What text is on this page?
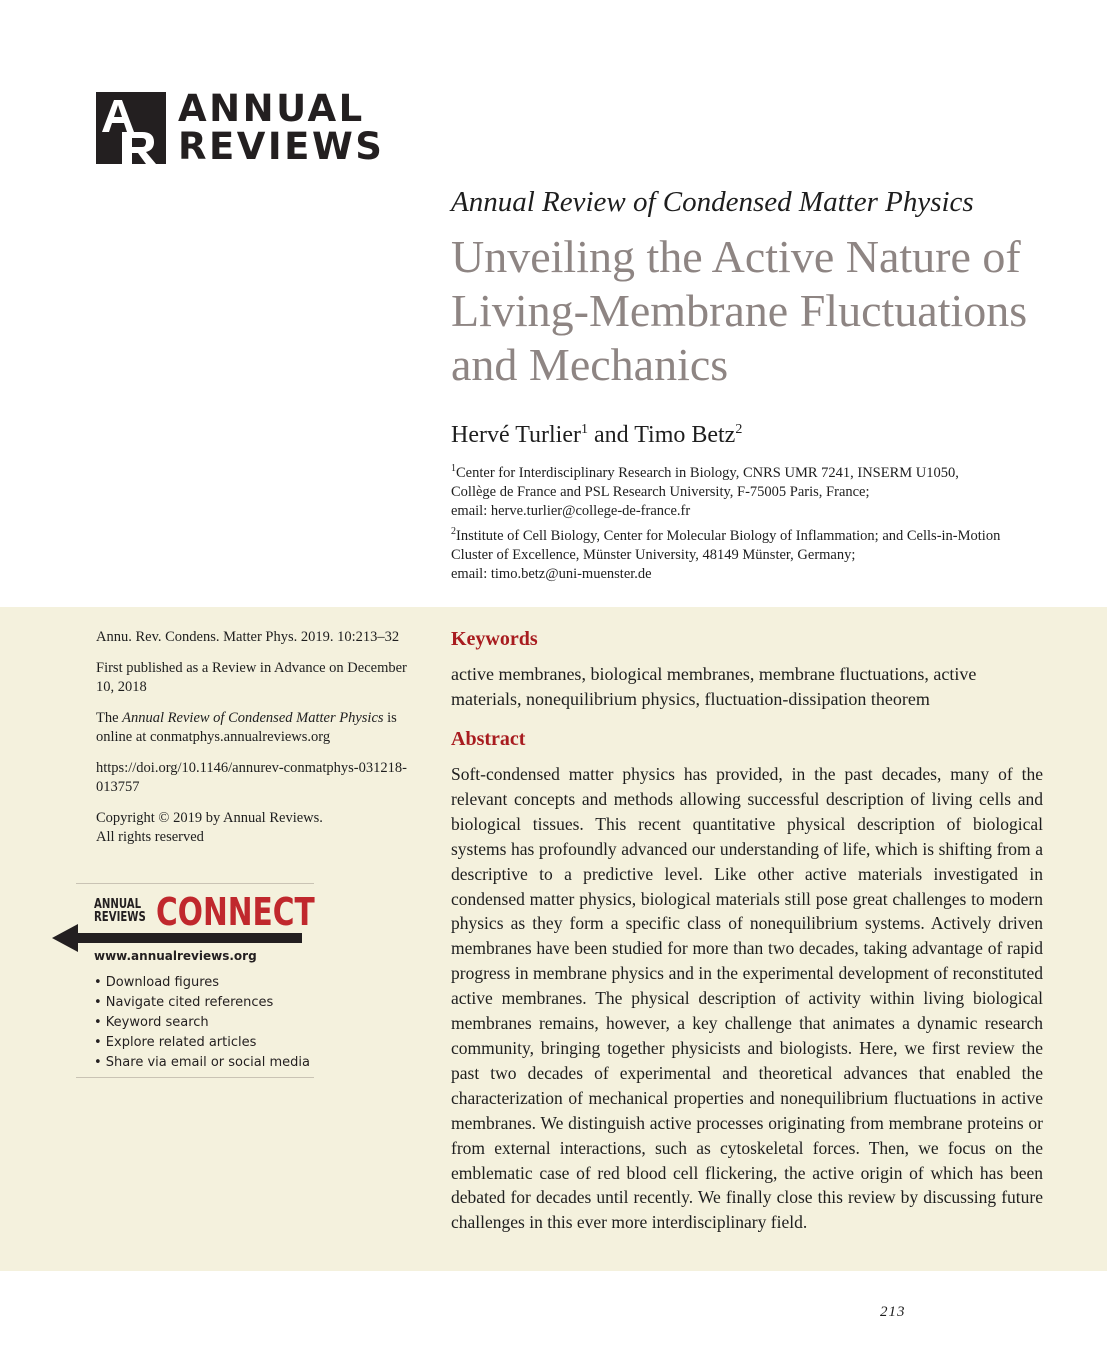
ANNUAL
REVIEWS
Annual Review of Condensed Matter Physics
Unveiling the Active Nature of Living-Membrane Fluctuations and Mechanics
Hervé Turlier$^1$ and Timo Betz$^2$

$^1$Center for Interdisciplinary Research in Biology, CNRS UMR 7241, INSERM U1050,

Collège de France and PSL Research University, F-75005 Paris, France;

email: herve.turlier@college-de-france.fr

$^2$Institute of Cell Biology, Center for Molecular Biology of Inflammation; and Cells-in-Motion

Cluster of Excellence, Münster University, 48149 Münster, Germany;

email: timo.betz@uni-muenster.de

Annu. Rev. Condens. Matter Phys. 2019. 10:213–32

First published as a Review in Advance on December 10, 2018

The Annual Review of Condensed Matter Physics is online at conmatphys.annualreviews.org

https://doi.org/10.1146/annurev-conmatphys-031218-013757

Copyright © 2019 by Annual Reviews.
All rights reserved

ANNUAL
REVIEWS CONNECT
www.annualreviews.org
• Download figures
• Navigate cited references
• Keyword search
• Explore related articles
• Share via email or social media
Keywords

active membranes, biological membranes, membrane fluctuations, active materials, nonequilibrium physics, fluctuation-dissipation theorem

Abstract

Soft-condensed matter physics has provided, in the past decades, many of the relevant concepts and methods allowing successful description of living cells and biological tissues. This recent quantitative physical description of biological systems has profoundly advanced our understanding of life, which is shifting from a descriptive to a predictive level. Like other active materials investigated in condensed matter physics, biological materials still pose great challenges to modern physics as they form a specific class of nonequilibrium systems. Actively driven membranes have been studied for more than two decades, taking advantage of rapid progress in membrane physics and in the experimental development of reconstituted active membranes. The physical description of activity within living biological membranes remains, however, a key challenge that animates a dynamic research community, bringing together physicists and biologists. Here, we first review the past two decades of experimental and theoretical advances that enabled the characterization of mechanical properties and nonequilibrium fluctuations in active membranes. We distinguish active processes originating from membrane proteins or from external interactions, such as cytoskeletal forces. Then, we focus on the emblematic case of red blood cell flickering, the active origin of which has been debated for decades until recently. We finally close this review by discussing future challenges in this ever more interdisciplinary field.

213
